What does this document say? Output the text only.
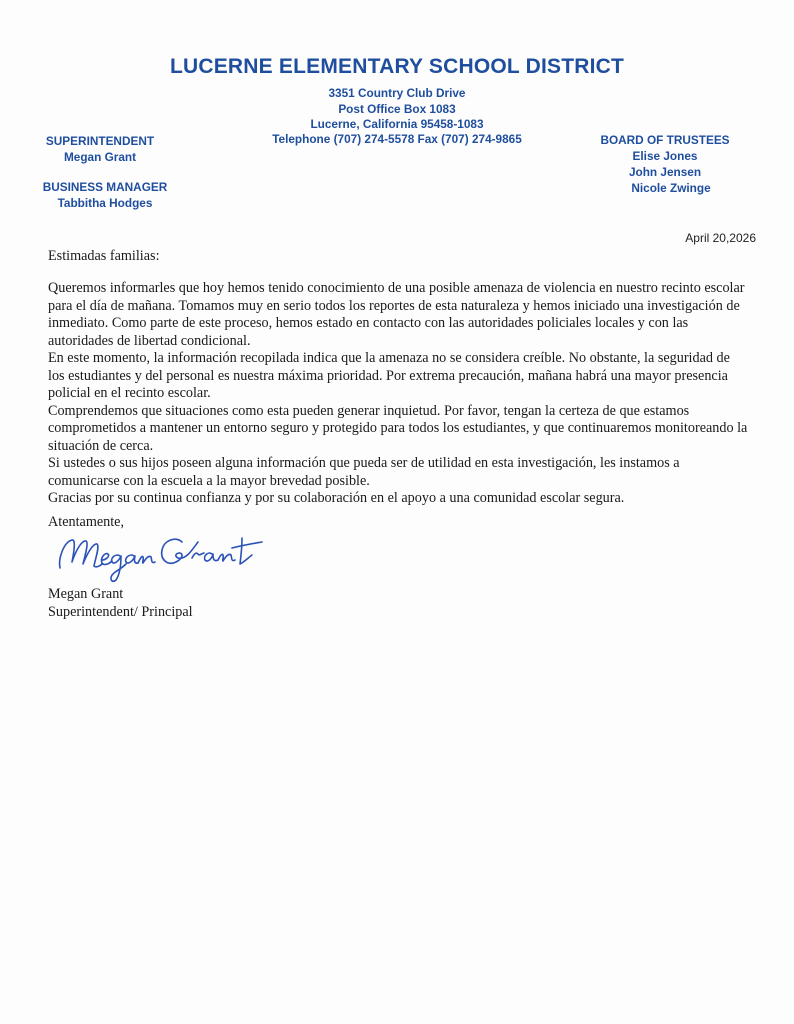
LUCERNE ELEMENTARY SCHOOL DISTRICT
3351 Country Club Drive
Post Office Box 1083
Lucerne, California 95458-1083
Telephone (707) 274-5578 Fax (707) 274-9865
SUPERINTENDENT
Megan Grant
BUSINESS MANAGER
Tabbitha Hodges
BOARD OF TRUSTEES
Elise Jones
John Jensen
Nicole Zwinge
April 20,2026
Estimadas familias:

Queremos informarles que hoy hemos tenido conocimiento de una posible amenaza de violencia en nuestro recinto escolar para el día de mañana. Tomamos muy en serio todos los reportes de esta naturaleza y hemos iniciado una investigación de inmediato. Como parte de este proceso, hemos estado en contacto con las autoridades policiales locales y con las autoridades de libertad condicional.

En este momento, la información recopilada indica que la amenaza no se considera creíble. No obstante, la seguridad de los estudiantes y del personal es nuestra máxima prioridad. Por extrema precaución, mañana habrá una mayor presencia policial en el recinto escolar.

Comprendemos que situaciones como esta pueden generar inquietud. Por favor, tengan la certeza de que estamos comprometidos a mantener un entorno seguro y protegido para todos los estudiantes, y que continuaremos monitoreando la situación de cerca.

Si ustedes o sus hijos poseen alguna información que pueda ser de utilidad en esta investigación, les instamos a comunicarse con la escuela a la mayor brevedad posible.

Gracias por su continua confianza y por su colaboración en el apoyo a una comunidad escolar segura.

Atentamente,
Megan Grant
Superintendent/ Principal
